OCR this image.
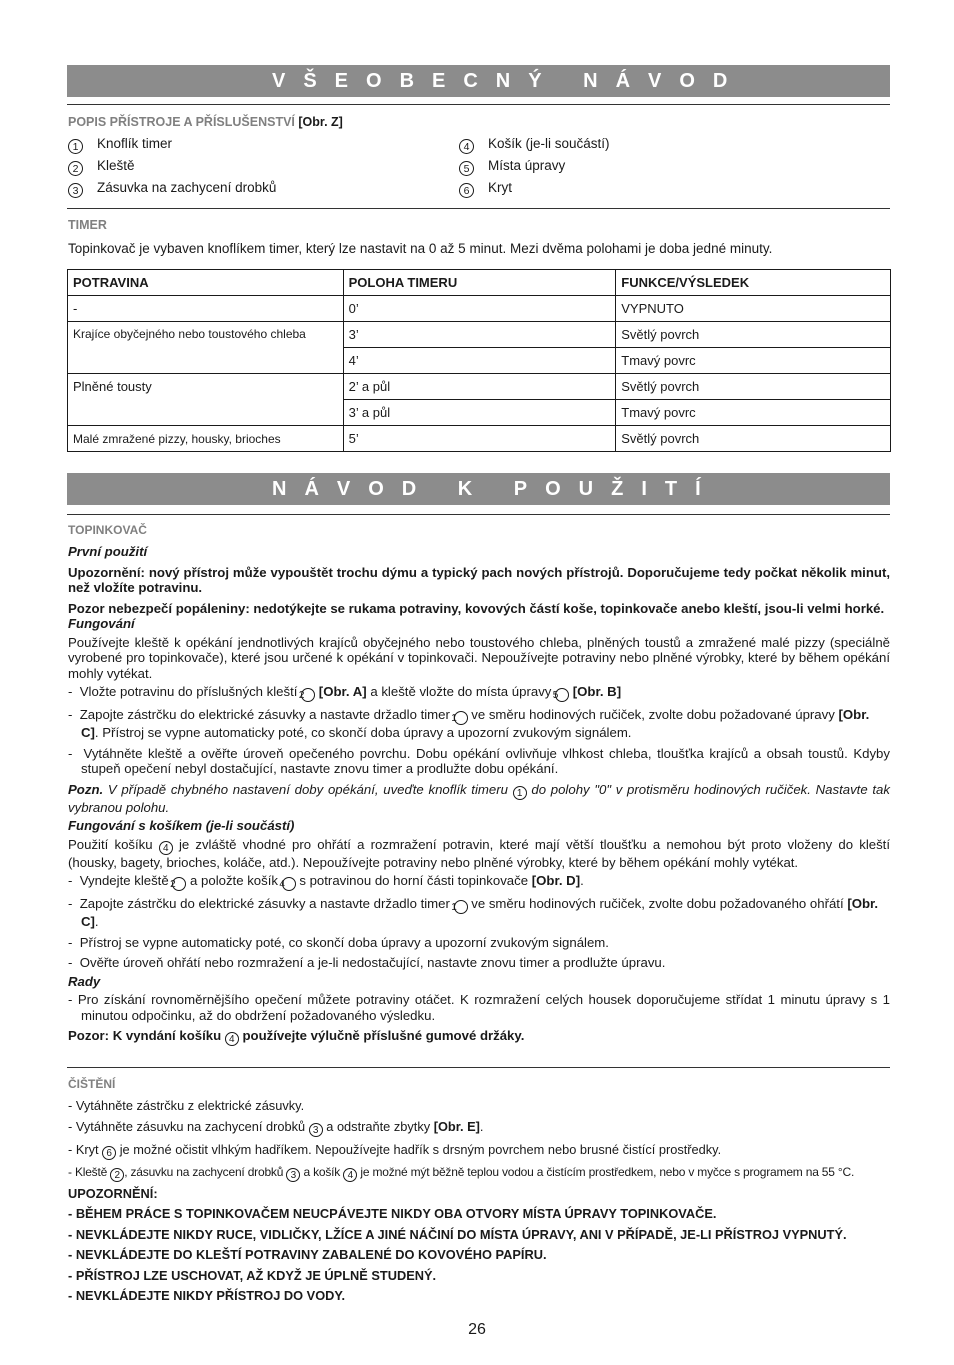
VŠEOBECNÝ NÁVOD
POPIS PŘÍSTROJE A PŘÍSLUŠENSTVÍ [Obr. Z]
1 Knoflík timer
2 Kleště
3 Zásuvka na zachycení drobků
4 Košík (je-li součástí)
5 Místa úpravy
6 Kryt
TIMER
Topinkovač je vybaven knoflíkem timer, který lze nastavit na 0 až 5 minut. Mezi dvěma polohami je doba jedné minuty.
POTRAVINA	POLOHA TIMERU	FUNKCE/VÝSLEDEK
-	0’	VYPNUTO
Krajíce obyčejného nebo toustového chleba	3’	Světlý povrch
	4’	Tmavý povrc
Plněné tousty	2’ a půl	Světlý povrch
	3’ a půl	Tmavý povrc
Malé zmražené pizzy, housky, brioches	5’	Světlý povrch
NÁVOD K POUŽITÍ
TOPINKOVAČ
První použití
Upozornění: nový přístroj může vypouštět trochu dýmu a typický pach nových přístrojů. Doporučujeme tedy počkat několik minut, než vložíte potravinu.
Pozor nebezpečí popáleniny: nedotýkejte se rukama potraviny, kovových částí koše, topinkovače anebo kleští, jsou-li velmi horké.
Fungování
Používejte kleště k opékání jendnotlivých krajíců obyčejného nebo toustového chleba, plněných toustů a zmražené malé pizzy (speciálně vyrobené pro topinkovače), které jsou určené k opékání v topinkovači. Nepoužívejte potraviny nebo plněné výrobky, které by během opékání mohly vytékat.
-  Vložte potravinu do příslušných kleští 2 [Obr. A] a kleště vložte do místa úpravy 5 [Obr. B]
-  Zapojte zástrčku do elektrické zásuvky a nastavte držadlo timer 1 ve směru hodinových ručiček, zvolte dobu požadované úpravy [Obr. C]. Přístroj se vypne automaticky poté, co skončí doba úpravy a upozorní zvukovým signálem.
-  Vytáhněte kleště a ověřte úroveň opečeného povrchu. Dobu opékání ovlivňuje vlhkost chleba, tloušťka krajíců a obsah toustů. Kdyby stupeň opečení nebyl dostačující, nastavte znovu timer a prodlužte dobu opékání.
Pozn. V případě chybného nastavení doby opékání, uveďte knoflík timeru 1 do polohy "0" v protisměru hodinových ručiček. Nastavte tak vybranou polohu.
Fungování s košíkem (je-li součástí)
Použití košíku 4 je zvláště vhodné pro ohřátí a rozmražení potravin, které mají větší tloušťku a nemohou být proto vloženy do kleští (housky, bagety, brioches, koláče, atd.). Nepoužívejte potraviny nebo plněné výrobky, které by během opékání mohly vytékat.
-  Vyndejte kleště 2 a položte košík 4 s potravinou do horní části topinkovače [Obr. D].
-  Zapojte zástrčku do elektrické zásuvky a nastavte držadlo timer 1 ve směru hodinových ručiček, zvolte dobu požadovaného ohřátí [Obr. C].
-  Přístroj se vypne automaticky poté, co skončí doba úpravy a upozorní zvukovým signálem.
-  Ověřte úroveň ohřátí nebo rozmražení a je-li nedostačující, nastavte znovu timer a prodlužte úpravu.
Rady
- Pro získání rovnoměrnějšího opečení můžete potraviny otáčet. K rozmražení celých housek doporučujeme střídat 1 minutu úpravy s 1 minutou odpočinku, až do obdržení požadovaného výsledku.
Pozor: K vyndání košíku 4 používejte výlučně příslušné gumové držáky.
ČIŠTĚNÍ
- Vytáhněte zástrčku z elektrické zásuvky.
- Vytáhněte zásuvku na zachycení drobků 3 a odstraňte zbytky [Obr. E].
- Kryt 6 je možné očistit vlhkým hadříkem. Nepoužívejte hadřík s drsným povrchem nebo brusné čistící prostředky.
- Kleště 2 , zásuvku na zachycení drobků 3 a košík 4 je možné mýt běžně teplou vodou a čistícím prostředkem, nebo v myčce s programem na 55 °C.
UPOZORNĚNÍ:
- BĚHEM PRÁCE S TOPINKOVAČEM NEUCPÁVEJTE NIKDY OBA OTVORY MÍSTA ÚPRAVY TOPINKOVAČE.
- NEVKLÁDEJTE NIKDY RUCE, VIDLIČKY, LŽÍCE A JINÉ NÁČINÍ DO MÍSTA ÚPRAVY, ANI V PŘÍPADĚ, JE-LI PŘÍSTROJ VYPNUTÝ.
- NEVKLÁDEJTE DO KLEŠTÍ POTRAVINY ZABALENÉ DO KOVOVÉHO PAPÍRU.
- PŘÍSTROJ LZE USCHOVAT, AŽ KDYŽ JE ÚPLNĚ STUDENÝ.
- NEVKLÁDEJTE NIKDY PŘÍSTROJ DO VODY.
26
